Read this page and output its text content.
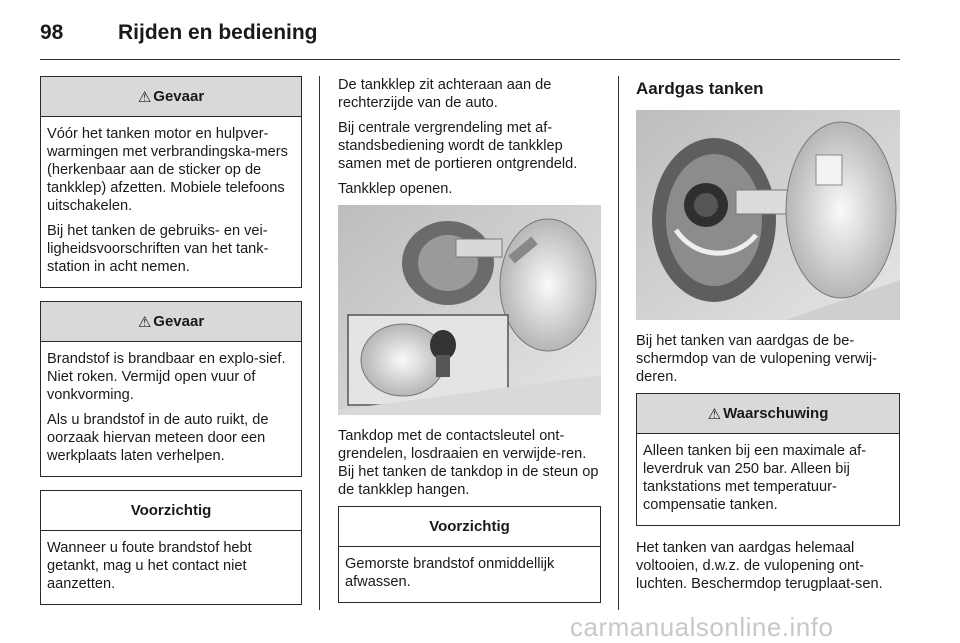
98	Rijden en bediening
⚠ Gevaar

Vóór het tanken motor en hulpver-warmingen met verbrandingska-mers (herkenbaar aan de sticker op de tankklep) afzetten. Mobiele telefoons uitschakelen.

Bij het tanken de gebruiks- en vei-ligheidsvoorschriften van het tank-station in acht nemen.

⚠ Gevaar

Brandstof is brandbaar en explo-sief. Niet roken. Vermijd open vuur of vonkvorming.

Als u brandstof in de auto ruikt, de oorzaak hiervan meteen door een werkplaats laten verhelpen.

Voorzichtig

Wanneer u foute brandstof hebt getankt, mag u het contact niet aanzetten.

De tankklep zit achteraan aan de rechterzijde van de auto.

Bij centrale vergrendeling met af-standsbediening wordt de tankklep samen met de portieren ontgrendeld.

Tankklep openen.

Tankdop met de contactsleutel ont-grendelen, losdraaien en verwijde-ren. Bij het tanken de tankdop in de steun op de tankklep hangen.

Voorzichtig

Gemorste brandstof onmiddellijk afwassen.

Aardgas tanken

Bij het tanken van aardgas de be-schermdop van de vulopening verwij-deren.

⚠ Waarschuwing

Alleen tanken bij een maximale af-leverdruk van 250 bar. Alleen bij tankstations met temperatuur-compensatie tanken.

Het tanken van aardgas helemaal voltooien, d.w.z. de vulopening ont-luchten. Beschermdop terugplaat-sen.

carmanualsonline.info
